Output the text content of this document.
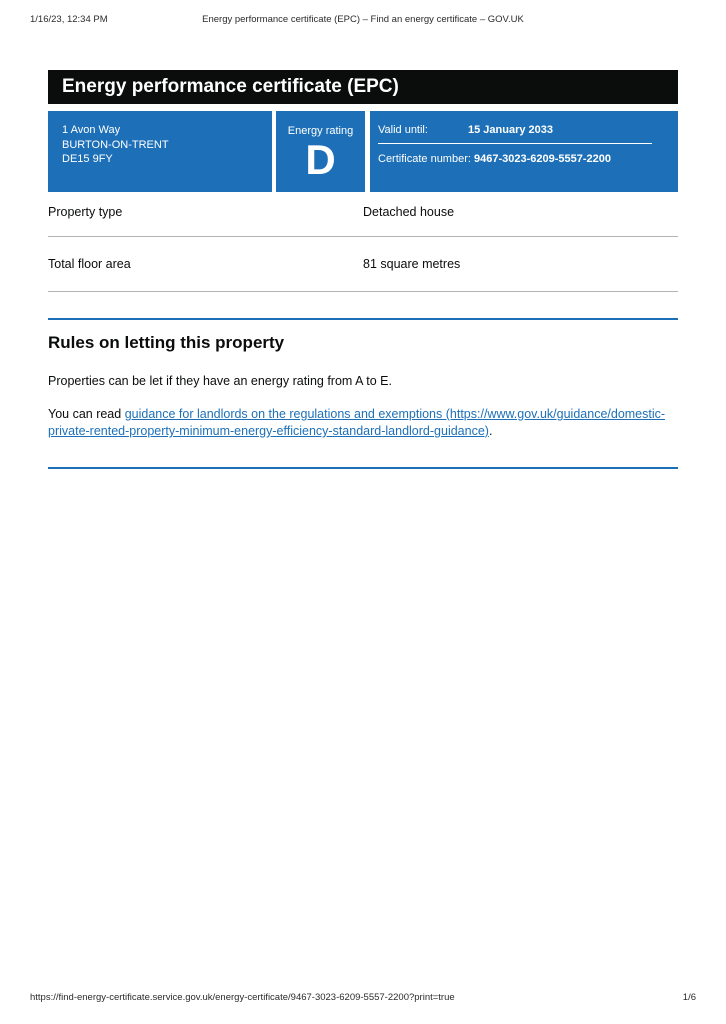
1/16/23, 12:34 PM	Energy performance certificate (EPC) – Find an energy certificate – GOV.UK
Energy performance certificate (EPC)
1 Avon Way
BURTON-ON-TRENT
DE15 9FY
Energy rating
D
Valid until:	15 January 2033
Certificate number: 9467-3023-6209-5557-2200
Property type	Detached house
Total floor area	81 square metres
Rules on letting this property

Properties can be let if they have an energy rating from A to E.

You can read guidance for landlords on the regulations and exemptions (https://www.gov.uk/guidance/domestic-private-rented-property-minimum-energy-efficiency-standard-landlord-guidance).

https://find-energy-certificate.service.gov.uk/energy-certificate/9467-3023-6209-5557-2200?print=true	1/6
